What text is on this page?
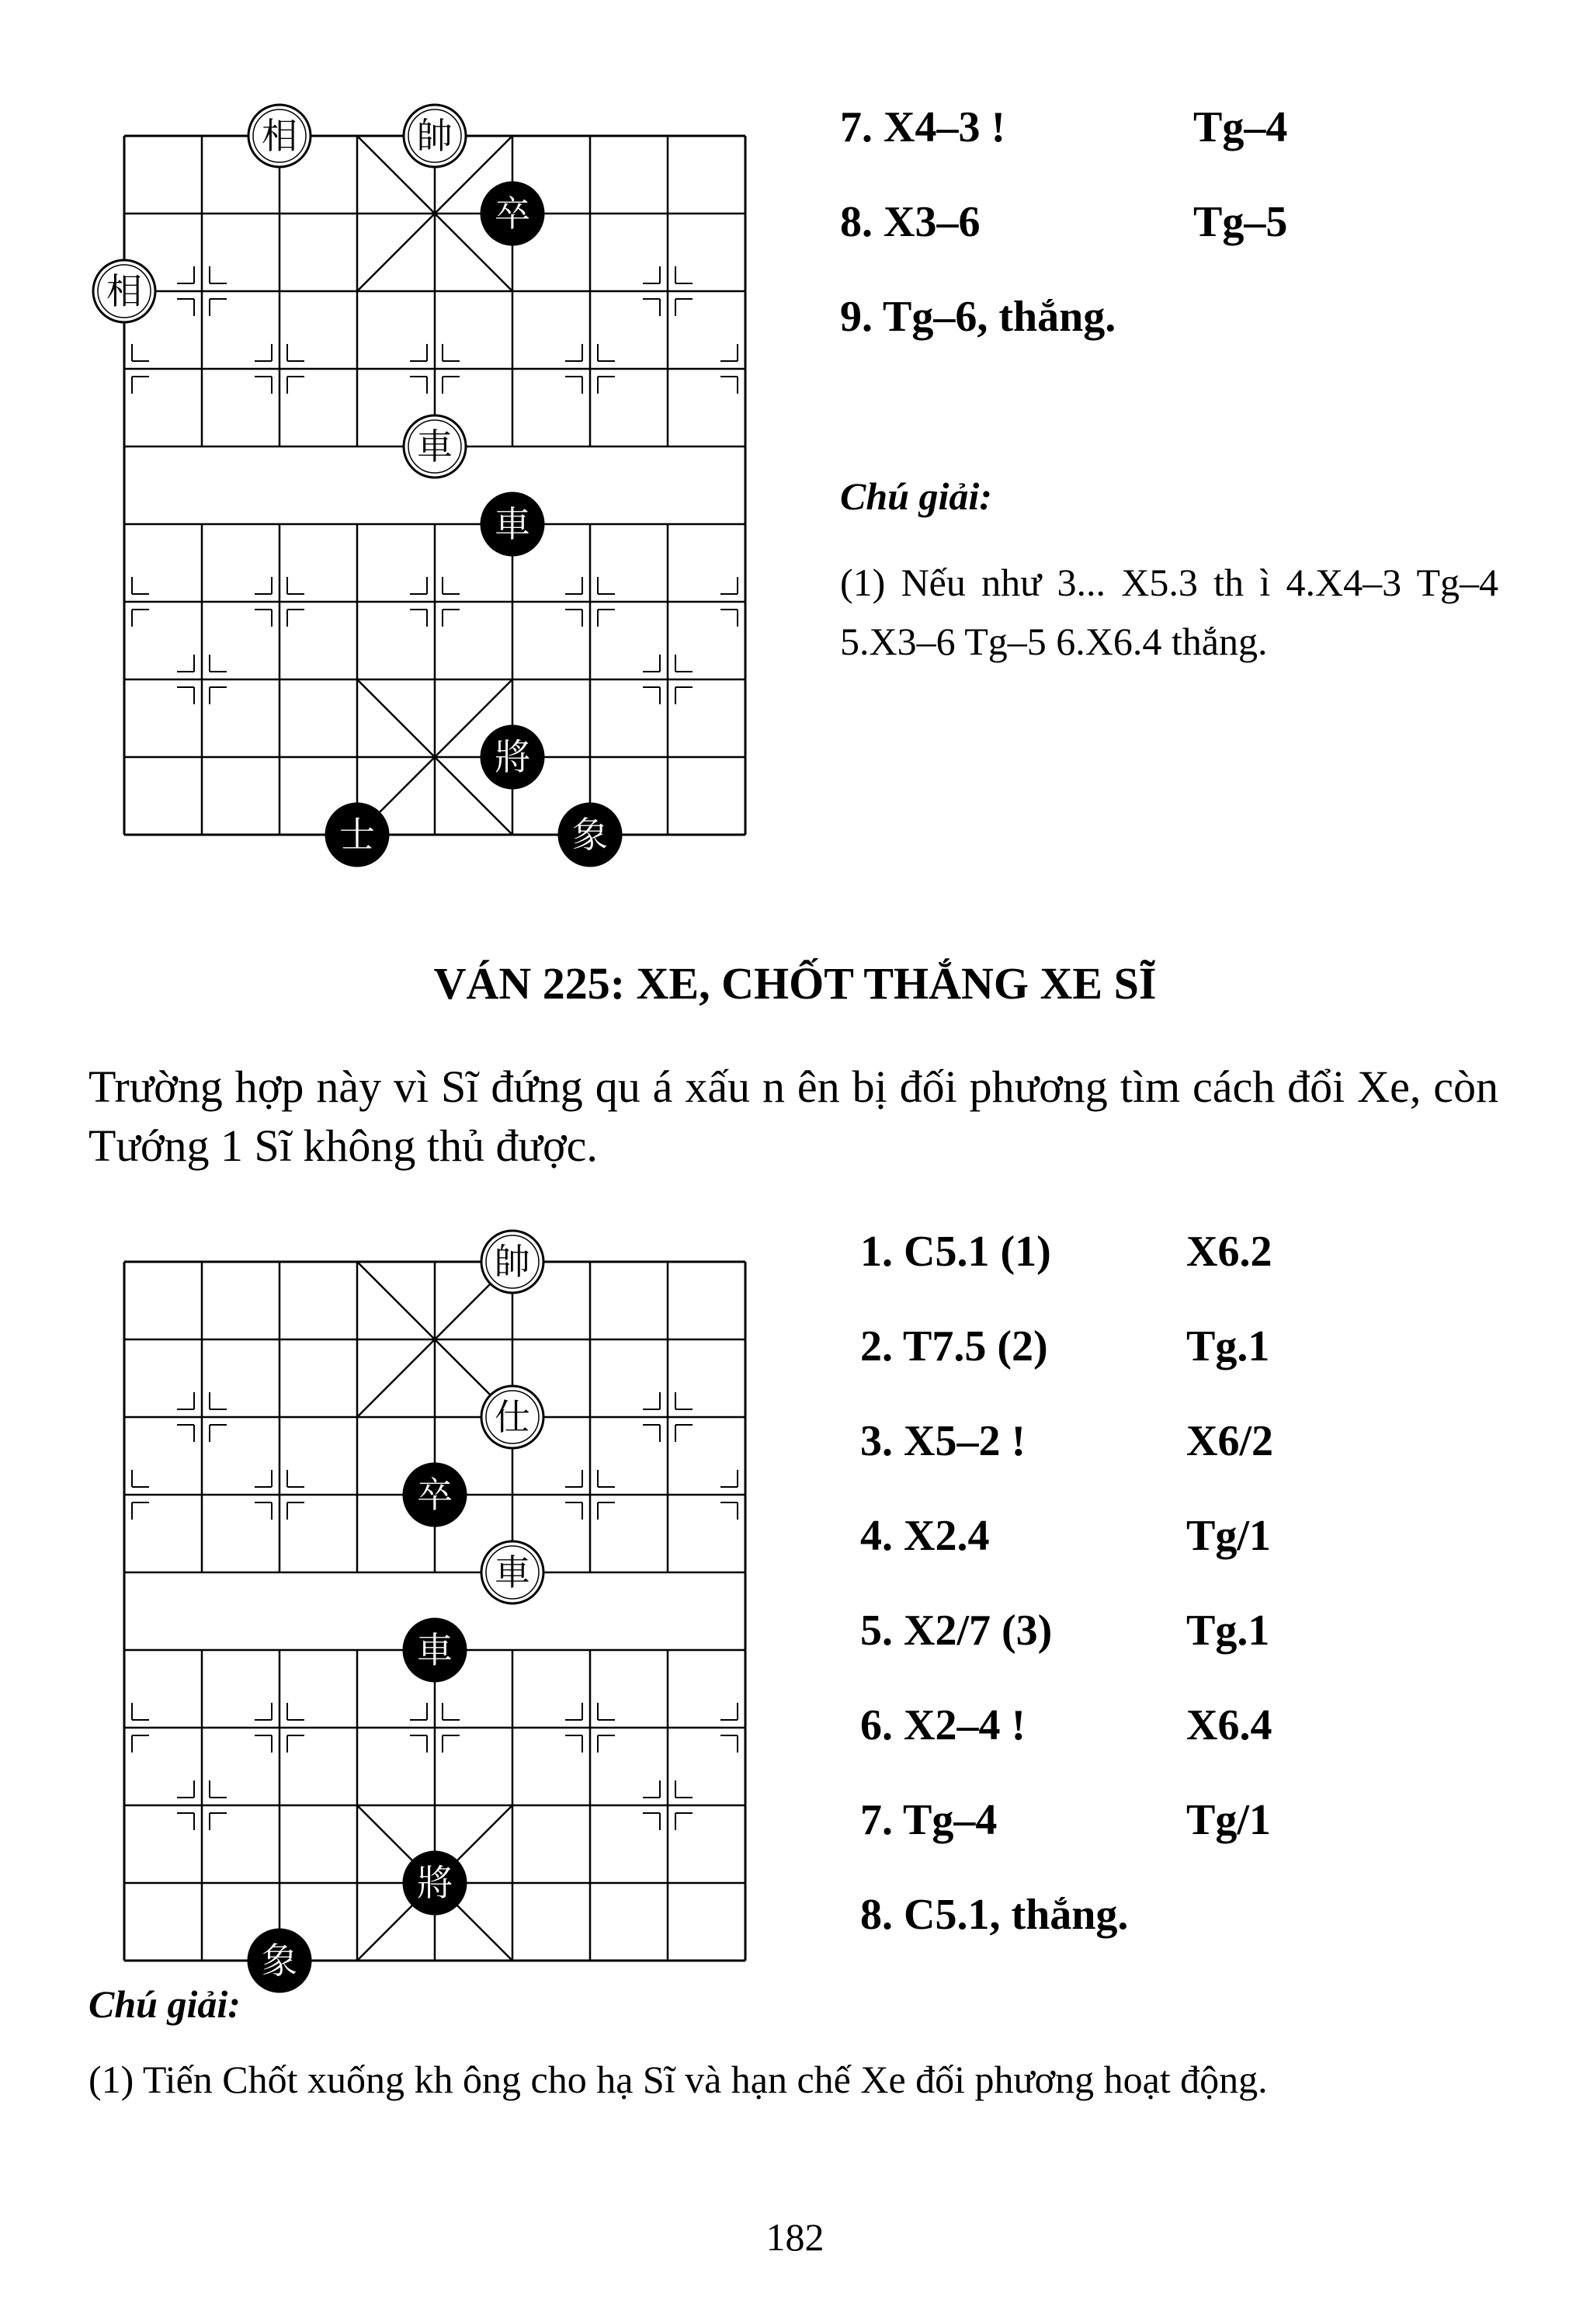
相	帥
卒
相
車
車
將
士	象
7. X4–3 !	Tg–4
8. X3–6	Tg–5
9. Tg–6, thắng.
Chú giải:
(1) Nếu như 3... X5.3 th ì 4.X4–3 Tg–4 5.X3–6 Tg–5 6.X6.4 thắng.
VÁN 225: XE, CHỐT THẮNG XE SĨ
Trường hợp này vì Sĩ đứng qu á xấu n ên bị đối phương tìm cách đổi Xe, còn Tướng 1 Sĩ không thủ được.
帥
仕
卒
車
車
將
象
1. C5.1 (1)	X6.2
2. T7.5 (2)	Tg.1
3. X5–2 !	X6/2
4. X2.4	Tg/1
5. X2/7 (3)	Tg.1
6. X2–4 !	X6.4
7. Tg–4	Tg/1
8. C5.1, thắng.
Chú giải:
(1) Tiến Chốt xuống kh ông cho hạ Sĩ và hạn chế Xe đối phương hoạt động.
182
